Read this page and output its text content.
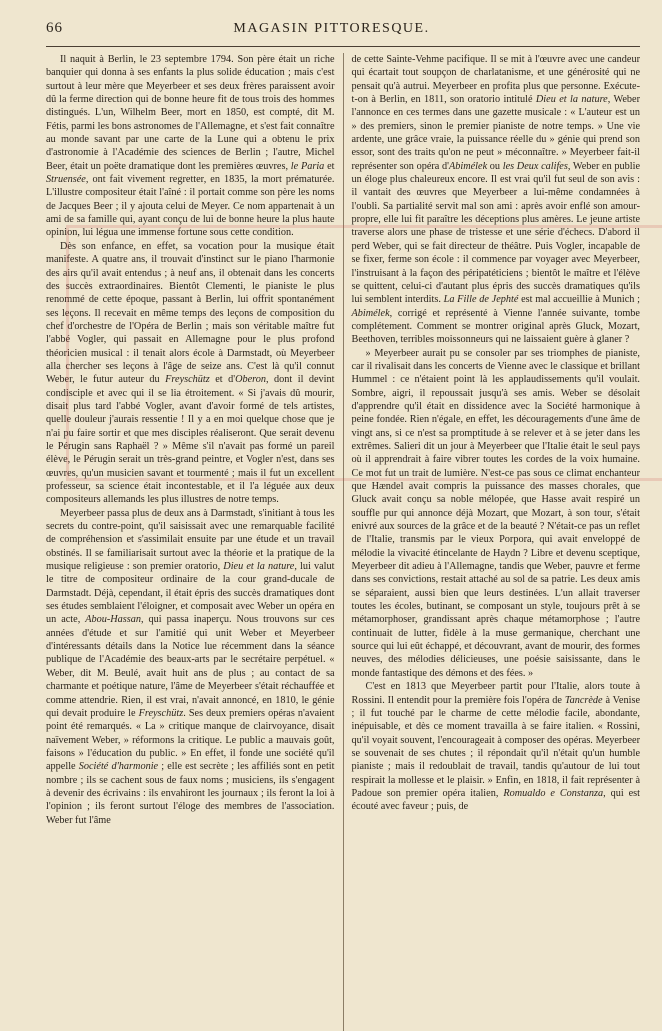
66	MAGASIN PITTORESQUE.

Il naquit à Berlin, le 23 septembre 1794. Son père était un riche banquier qui donna à ses enfants la plus solide éducation ; mais c'est surtout à leur mère que Meyerbeer et ses deux frères paraissent avoir dû la ferme direction qui de bonne heure fit de tous trois des hommes distingués. L'un, Wilhelm Beer, mort en 1850, est compté, dit M. Fétis, parmi les bons astronomes de l'Allemagne, et s'est fait connaître au monde savant par une carte de la Lune qui a obtenu le prix d'astronomie à l'Académie des sciences de Berlin ; l'autre, Michel Beer, était un poëte dramatique dont les premières œuvres, le Paria et Struensée, ont fait vivement regretter, en 1835, la mort prématurée. L'illustre compositeur était l'aîné : il portait comme son père les noms de Jacques Beer ; il y ajouta celui de Meyer. Ce nom appartenait à un ami de sa famille qui, ayant conçu de lui de bonne heure la plus haute opinion, lui légua une immense fortune sous cette condition.

Dès son enfance, en effet, sa vocation pour la musique était manifeste. A quatre ans, il trouvait d'instinct sur le piano l'harmonie des airs qu'il avait entendus ; à neuf ans, il obtenait dans les concerts des succès extraordinaires. Bientôt Clementi, le pianiste le plus renommé de cette époque, passant à Berlin, lui offrit spontanément ses leçons. Il recevait en même temps des leçons de composition du chef d'orchestre de l'Opéra de Berlin ; mais son véritable maître fut l'abbé Vogler, qui passait en Allemagne pour le plus profond théoricien musical : il tenait alors école à Darmstadt, où Meyerbeer alla chercher ses leçons à l'âge de seize ans. C'est là qu'il connut Weber, le futur auteur du Freyschütz et d'Oberon, dont il devint condisciple et avec qui il se lia étroitement. « Si j'avais dû mourir, disait plus tard l'abbé Vogler, avant d'avoir formé de tels artistes, quelle douleur j'aurais ressentie ! Il y a en moi quelque chose que je n'ai pu faire sortir et que mes disciples réaliseront. Que serait devenu le Pérugin sans Raphaël ? » Même s'il n'avait pas formé un pareil élève, le Pérugin serait un très-grand peintre, et Vogler n'est, dans ses œuvres, qu'un musicien savant et tourmenté ; mais il fut un excellent professeur, sa science était incontestable, et il l'a léguée aux deux compositeurs allemands les plus illustres de notre temps.

Meyerbeer passa plus de deux ans à Darmstadt, s'initiant à tous les secrets du contre-point, qu'il saisissait avec une remarquable facilité de compréhension et s'assimilait ensuite par une étude et un travail obstinés. Il se familiarisait surtout avec la théorie et la pratique de la musique religieuse : son premier oratorio, Dieu et la nature, lui valut le titre de compositeur ordinaire de la cour grand-ducale de Darmstadt. Déjà, cependant, il était épris des succès dramatiques dont ses études semblaient l'éloigner, et composait avec Weber un opéra en un acte, Abou-Hassan, qui passa inaperçu. Nous trouvons sur ces années d'étude et sur l'amitié qui unit Weber et Meyerbeer d'intéressants détails dans la Notice lue récemment dans la séance publique de l'Académie des beaux-arts par le secrétaire perpétuel. « Weber, dit M. Beulé, avait huit ans de plus ; au contact de sa charmante et poétique nature, l'âme de Meyerbeer s'était réchauffée et comme attendrie. Rien, il est vrai, n'avait annoncé, en 1810, le génie qui devait produire le Freyschütz. Ses deux premiers opéras n'avaient point été remarqués. « La » critique manque de clairvoyance, disait naïvement Weber, » réformons la critique. Le public a mauvais goût, faisons » l'éducation du public. » En effet, il fonde une société qu'il appelle Société d'harmonie ; elle est secrète ; les affiliés sont en petit nombre ; ils se cachent sous de faux noms ; musiciens, ils s'engagent à devenir des écrivains : ils envahiront les journaux ; ils feront la loi à l'opinion ; ils feront surtout l'éloge des membres de l'association. Weber fut l'âme

de cette Sainte-Vehme pacifique. Il se mit à l'œuvre avec une candeur qui écartait tout soupçon de charlatanisme, et une générosité qui ne pensait qu'à autrui. Meyerbeer en profita plus que personne. Exécute-t-on à Berlin, en 1811, son oratorio intitulé Dieu et la nature, Weber l'annonce en ces termes dans une gazette musicale : « L'auteur est un » des premiers, sinon le premier pianiste de notre temps. » Une vie ardente, une grâce vraie, la puissance réelle du » génie qui prend son essor, sont des traits qu'on ne peut » méconnaître. » Meyerbeer fait-il représenter son opéra d'Abimélek ou les Deux califes, Weber en publie un éloge plus chaleureux encore. Il est vrai qu'il fut seul de son avis : il vantait des œuvres que Meyerbeer a lui-même condamnées à l'oubli. Sa partialité servit mal son ami : après avoir enflé son amour-propre, elle lui fit paraître les déceptions plus amères. Le jeune artiste traverse alors une phase de tristesse et une série d'échecs. D'abord il perd Weber, qui se fait directeur de théâtre. Puis Vogler, incapable de se fixer, ferme son école : il commence par voyager avec Meyerbeer, l'instruisant à la façon des péripatéticiens ; bientôt le maître et l'élève se quittent, celui-ci d'autant plus épris des succès dramatiques qu'ils lui semblent interdits. La Fille de Jephté est mal accueillie à Munich ; Abimélek, corrigé et représenté à Vienne l'année suivante, tombe complétement. Comment se montrer original après Gluck, Mozart, Beethoven, terribles moissonneurs qui ne laissaient guère à glaner ?

» Meyerbeer aurait pu se consoler par ses triomphes de pianiste, car il rivalisait dans les concerts de Vienne avec le classique et brillant Hummel : ce n'étaient point là les applaudissements qu'il voulait. Sombre, aigri, il repoussait jusqu'à ses amis. Weber se désolait d'apprendre qu'il était en dissidence avec la Société harmonique à peine fondée. Rien n'égale, en effet, les découragements d'une âme de vingt ans, si ce n'est sa promptitude à se relever et à se jeter dans les extrêmes. Salieri dit un jour à Meyerbeer que l'Italie était le seul pays où il apprendrait à faire vibrer toutes les cordes de la voix humaine. Ce mot fut un trait de lumière. N'est-ce pas sous ce climat enchanteur que Hændel avait compris la puissance des masses chorales, que Gluck avait conçu sa noble mélopée, que Hasse avait respiré un souffle pur qui annonce déjà Mozart, que Mozart, à son tour, s'était enivré aux sources de la grâce et de la beauté ? N'était-ce pas un reflet de l'Italie, transmis par le vieux Porpora, qui avait enveloppé de mélodie la vivacité étincelante de Haydn ? Libre et devenu sceptique, Meyerbeer dit adieu à l'Allemagne, tandis que Weber, pauvre et ferme dans ses convictions, restait attaché au sol de sa patrie. Les deux amis se séparaient, aussi bien que leurs destinées. L'un allait traverser toutes les écoles, butinant, se composant un style, toujours prêt à se métamorphoser, grandissant après chaque métamorphose ; l'autre continuait de lutter, fidèle à la muse germanique, cherchant une source qui lui eût échappé, et découvrant, avant de mourir, des formes neuves, des mélodies délicieuses, une poésie saisissante, dans le monde fantastique des démons et des fées. »

C'est en 1813 que Meyerbeer partit pour l'Italie, alors toute à Rossini. Il entendit pour la première fois l'opéra de Tancrède à Venise ; il fut touché par le charme de cette mélodie facile, abondante, inépuisable, et dès ce moment travailla à se faire italien. « Rossini, qu'il voyait souvent, l'encourageait à composer des opéras. Meyerbeer se souvenait de ses chutes ; il répondait qu'il n'était qu'un humble pianiste ; mais il redoublait de travail, tandis qu'autour de lui tout respirait la mollesse et le plaisir. » Enfin, en 1818, il fait représenter à Padoue son premier opéra italien, Romualdo e Constanza, qui est écouté avec faveur ; puis, de
